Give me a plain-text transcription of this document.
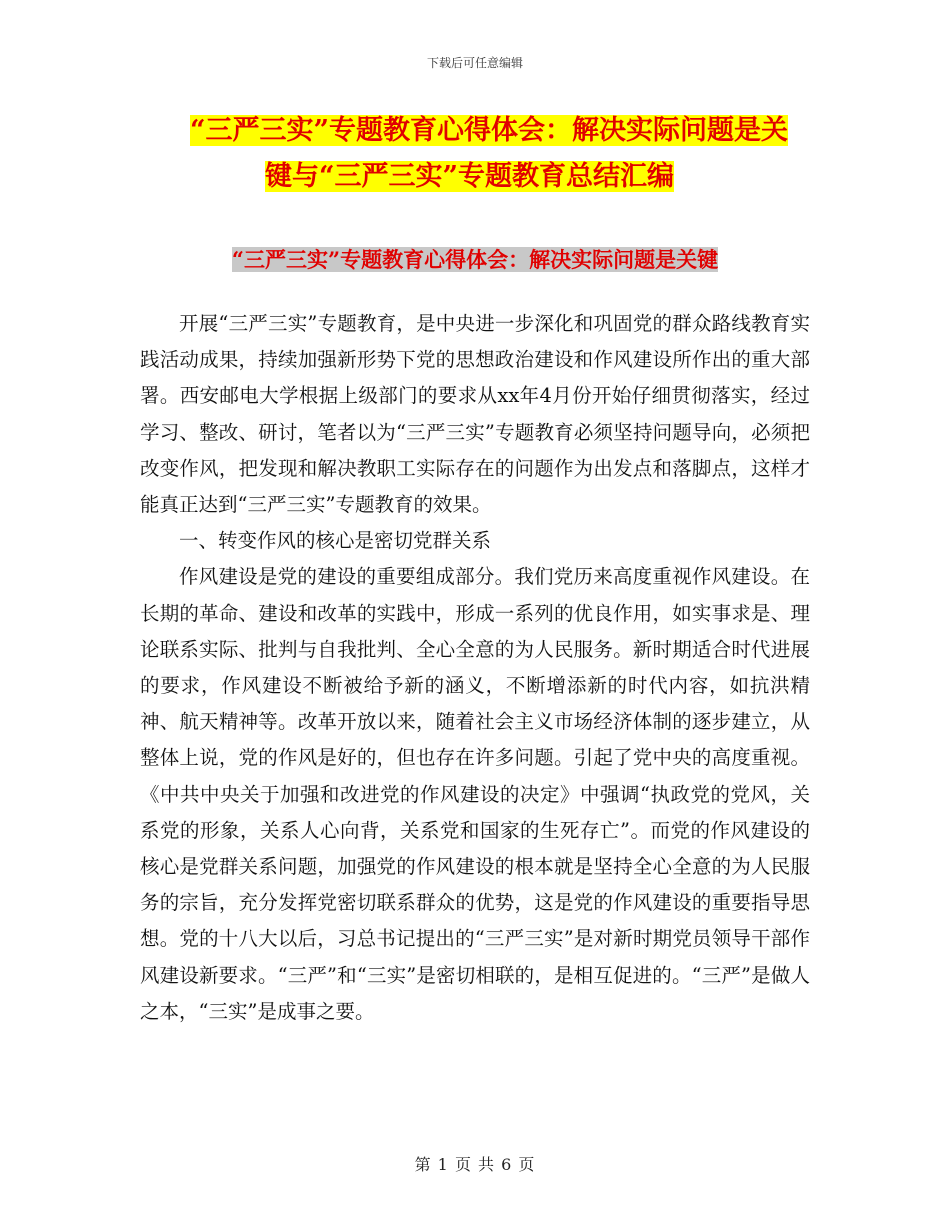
下载后可任意编辑
“三严三实”专题教育心得体会：解决实际问题是关
键与“三严三实”专题教育总结汇编
“三严三实”专题教育心得体会：解决实际问题是关键

开展“三严三实”专题教育，是中央进一步深化和巩固党的群众路线教育实践活动成果，持续加强新形势下党的思想政治建设和作风建设所作出的重大部署。西安邮电大学根据上级部门的要求从xx年4月份开始仔细贯彻落实，经过学习、整改、研讨，笔者以为“三严三实”专题教育必须坚持问题导向，必须把改变作风，把发现和解决教职工实际存在的问题作为出发点和落脚点，这样才能真正达到“三严三实”专题教育的效果。

一、转变作风的核心是密切党群关系

作风建设是党的建设的重要组成部分。我们党历来高度重视作风建设。在长期的革命、建设和改革的实践中，形成一系列的优良作用，如实事求是、理论联系实际、批判与自我批判、全心全意的为人民服务。新时期适合时代进展的要求，作风建设不断被给予新的涵义，不断增添新的时代内容，如抗洪精神、航天精神等。改革开放以来，随着社会主义市场经济体制的逐步建立，从整体上说，党的作风是好的，但也存在许多问题。引起了党中央的高度重视。《中共中央关于加强和改进党的作风建设的决定》中强调“执政党的党风，关系党的形象，关系人心向背，关系党和国家的生死存亡”。而党的作风建设的核心是党群关系问题，加强党的作风建设的根本就是坚持全心全意的为人民服务的宗旨，充分发挥党密切联系群众的优势，这是党的作风建设的重要指导思想。党的十八大以后，习总书记提出的“三严三实”是对新时期党员领导干部作风建设新要求。“三严”和“三实”是密切相联的，是相互促进的。“三严”是做人之本，“三实”是成事之要。

第 1 页 共 6 页
